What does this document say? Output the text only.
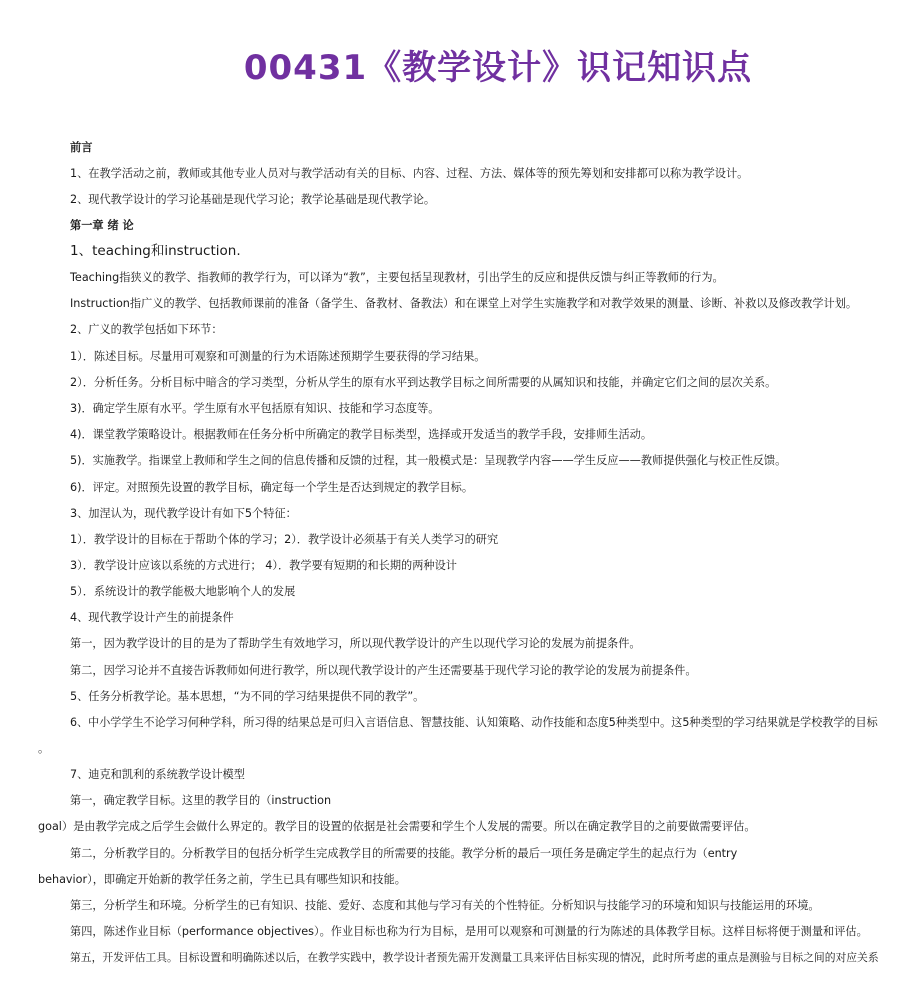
00431《教学设计》识记知识点
前言
1、在教学活动之前，教师或其他专业人员对与教学活动有关的目标、内容、过程、方法、媒体等的预先筹划和安排都可以称为教学设计。
2、现代教学设计的学习论基础是现代学习论；教学论基础是现代教学论。
第一章 绪 论
1、teaching和instruction.
Teaching指狭义的教学、指教师的教学行为，可以译为“教”，主要包括呈现教材，引出学生的反应和提供反馈与纠正等教师的行为。
Instruction指广义的教学、包括教师课前的准备（备学生、备教材、备教法）和在课堂上对学生实施教学和对教学效果的测量、诊断、补救以及修改教学计划。
2、广义的教学包括如下环节：
1）．陈述目标。尽量用可观察和可测量的行为术语陈述预期学生要获得的学习结果。
2）．分析任务。分析目标中暗含的学习类型，分析从学生的原有水平到达教学目标之间所需要的从属知识和技能，并确定它们之间的层次关系。
3)．确定学生原有水平。学生原有水平包括原有知识、技能和学习态度等。
4)．课堂教学策略设计。根据教师在任务分析中所确定的教学目标类型，选择或开发适当的教学手段，安排师生活动。
5)．实施教学。指课堂上教师和学生之间的信息传播和反馈的过程，其一般模式是：呈现教学内容——学生反应——教师提供强化与校正性反馈。
6)．评定。对照预先设置的教学目标，确定每一个学生是否达到规定的教学目标。
3、加涅认为，现代教学设计有如下5个特征：
1）．教学设计的目标在于帮助个体的学习；2）．教学设计必须基于有关人类学习的研究
3）．教学设计应该以系统的方式进行； 4）．教学要有短期的和长期的两种设计
5）．系统设计的教学能极大地影响个人的发展
4、现代教学设计产生的前提条件
第一，因为教学设计的目的是为了帮助学生有效地学习，所以现代教学设计的产生以现代学习论的发展为前提条件。
第二，因学习论并不直接告诉教师如何进行教学，所以现代教学设计的产生还需要基于现代学习论的教学论的发展为前提条件。
5、任务分析教学论。基本思想，“为不同的学习结果提供不同的教学”。
6、中小学学生不论学习何种学科，所习得的结果总是可归入言语信息、智慧技能、认知策略、动作技能和态度5种类型中。这5种类型的学习结果就是学校教学的目标
。
7、迪克和凯利的系统教学设计模型
第一，确定教学目标。这里的教学目的（instruction
goal）是由教学完成之后学生会做什么界定的。教学目的设置的依据是社会需要和学生个人发展的需要。所以在确定教学目的之前要做需要评估。
第二，分析教学目的。分析教学目的包括分析学生完成教学目的所需要的技能。教学分析的最后一项任务是确定学生的起点行为（entry
behavior），即确定开始新的教学任务之前，学生已具有哪些知识和技能。
第三，分析学生和环境。分析学生的已有知识、技能、爱好、态度和其他与学习有关的个性特征。分析知识与技能学习的环境和知识与技能运用的环境。
第四，陈述作业目标（performance objectives）。作业目标也称为行为目标，是用可以观察和可测量的行为陈述的具体教学目标。这样目标将便于测量和评估。
第五，开发评估工具。目标设置和明确陈述以后，在教学实践中，教学设计者预先需开发测量工具来评估目标实现的情况，此时所考虑的重点是测验与目标之间的对应关系
